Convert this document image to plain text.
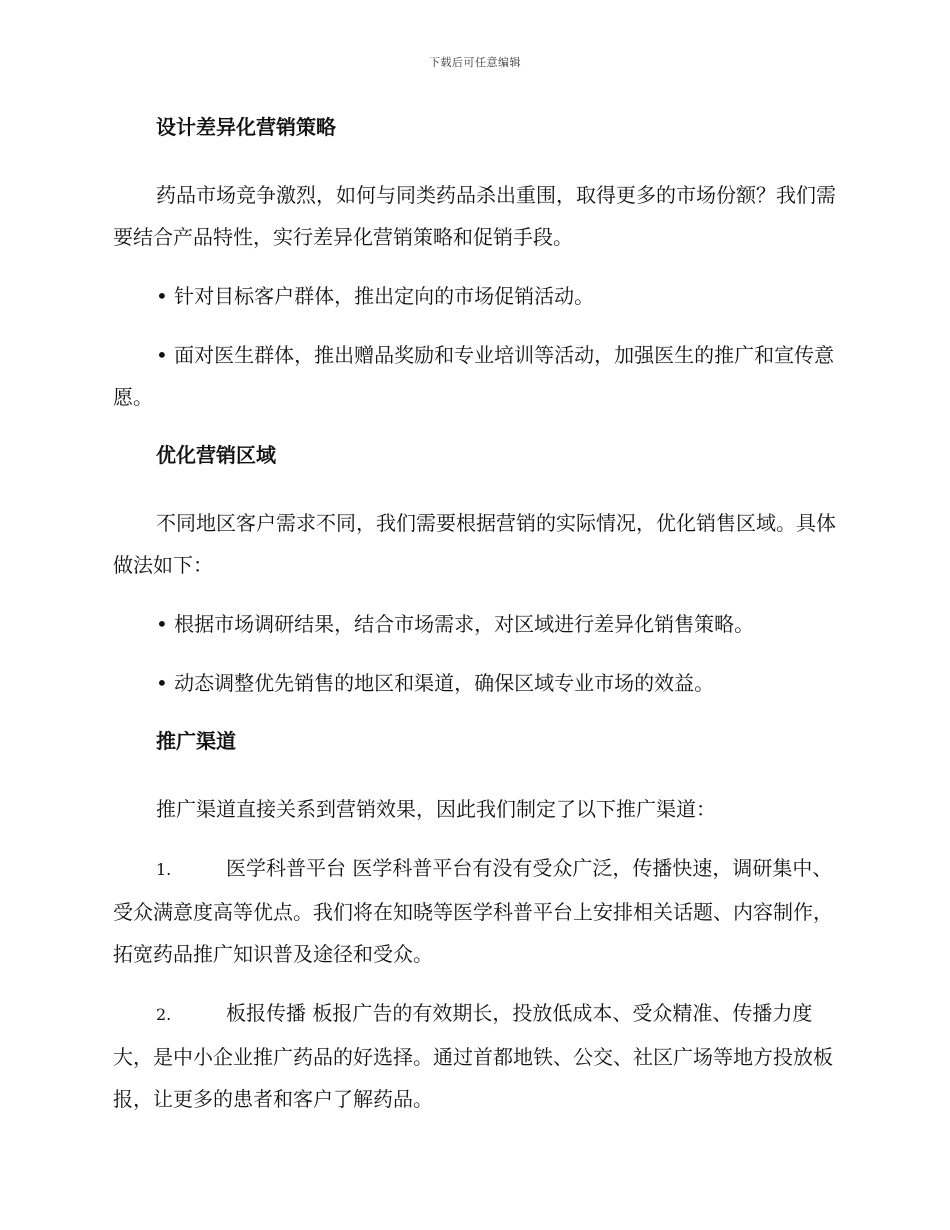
下载后可任意编辑
设计差异化营销策略

药品市场竞争激烈，如何与同类药品杀出重围，取得更多的市场份额？我们需要结合产品特性，实行差异化营销策略和促销手段。

• 针对目标客户群体，推出定向的市场促销活动。

• 面对医生群体，推出赠品奖励和专业培训等活动，加强医生的推广和宣传意愿。

优化营销区域

不同地区客户需求不同，我们需要根据营销的实际情况，优化销售区域。具体做法如下：

• 根据市场调研结果，结合市场需求，对区域进行差异化销售策略。

• 动态调整优先销售的地区和渠道，确保区域专业市场的效益。

推广渠道

推广渠道直接关系到营销效果，因此我们制定了以下推广渠道：

1.	医学科普平台 医学科普平台有没有受众广泛，传播快速，调研集中、受众满意度高等优点。我们将在知晓等医学科普平台上安排相关话题、内容制作，拓宽药品推广知识普及途径和受众。

2.	板报传播 板报广告的有效期长，投放低成本、受众精准、传播力度大，是中小企业推广药品的好选择。通过首都地铁、公交、社区广场等地方投放板报，让更多的患者和客户了解药品。
